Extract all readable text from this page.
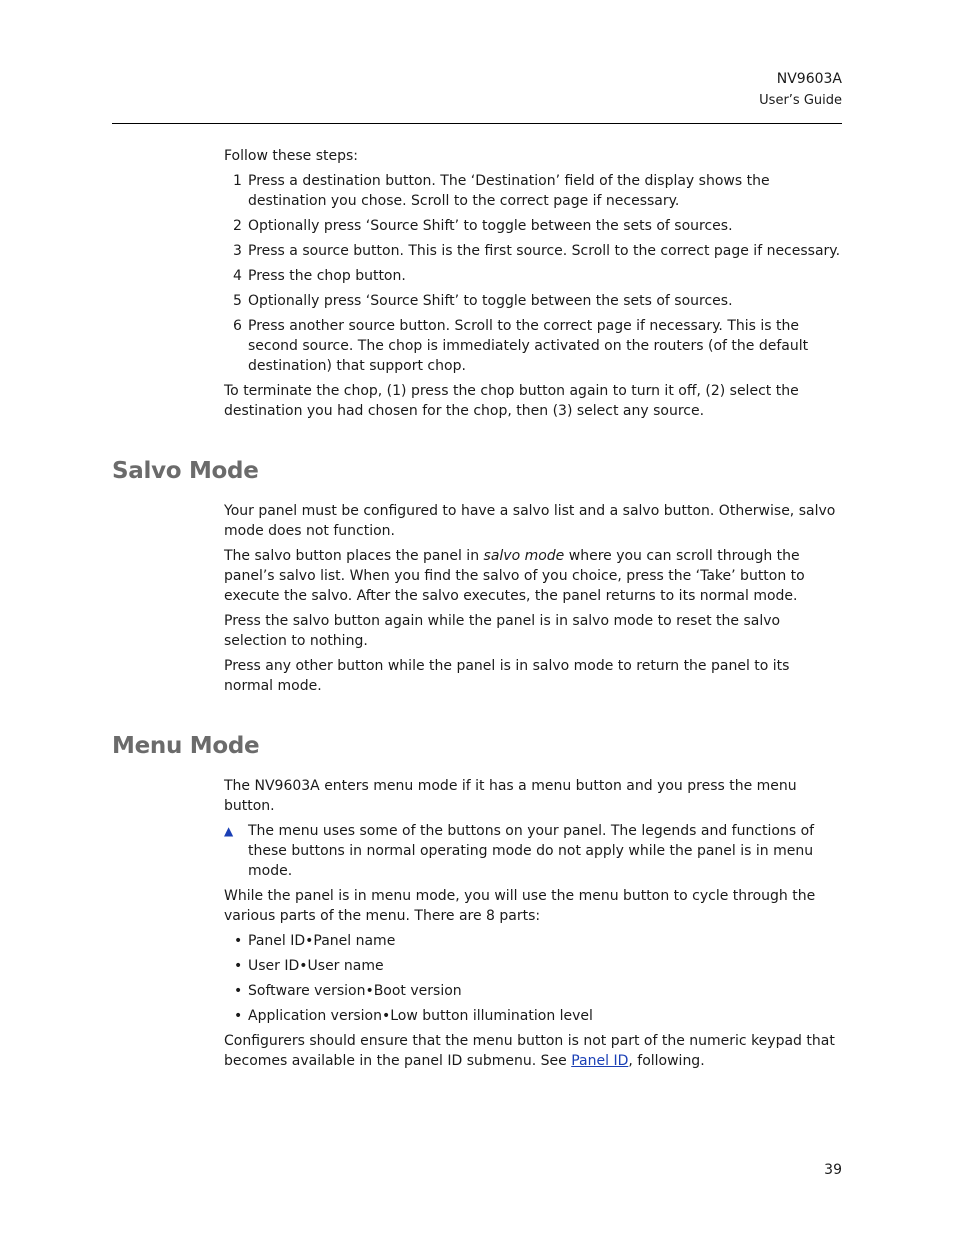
NV9603A
User’s Guide

Follow these steps:

1 Press a destination button. The ‘Destination’ field of the display shows the destination you chose. Scroll to the correct page if necessary.
2 Optionally press ‘Source Shift’ to toggle between the sets of sources.
3 Press a source button. This is the first source. Scroll to the correct page if necessary.
4 Press the chop button.
5 Optionally press ‘Source Shift’ to toggle between the sets of sources.
6 Press another source button. Scroll to the correct page if necessary. This is the second source. The chop is immediately activated on the routers (of the default destination) that support chop.

To terminate the chop, (1) press the chop button again to turn it off, (2) select the destination you had chosen for the chop, then (3) select any source.

Salvo Mode

Your panel must be configured to have a salvo list and a salvo button. Otherwise, salvo mode does not function.

The salvo button places the panel in salvo mode where you can scroll through the panel’s salvo list. When you find the salvo of you choice, press the ‘Take’ button to execute the salvo. After the salvo executes, the panel returns to its normal mode.

Press the salvo button again while the panel is in salvo mode to reset the salvo selection to nothing.

Press any other button while the panel is in salvo mode to return the panel to its normal mode.

Menu Mode

The NV9603A enters menu mode if it has a menu button and you press the menu button.

▲ The menu uses some of the buttons on your panel. The legends and functions of these buttons in normal operating mode do not apply while the panel is in menu mode.

While the panel is in menu mode, you will use the menu button to cycle through the various parts of the menu. There are 8 parts:

• Panel ID•Panel name
• User ID•User name
• Software version•Boot version
• Application version•Low button illumination level

Configurers should ensure that the menu button is not part of the numeric keypad that becomes available in the panel ID submenu. See Panel ID, following.

39
